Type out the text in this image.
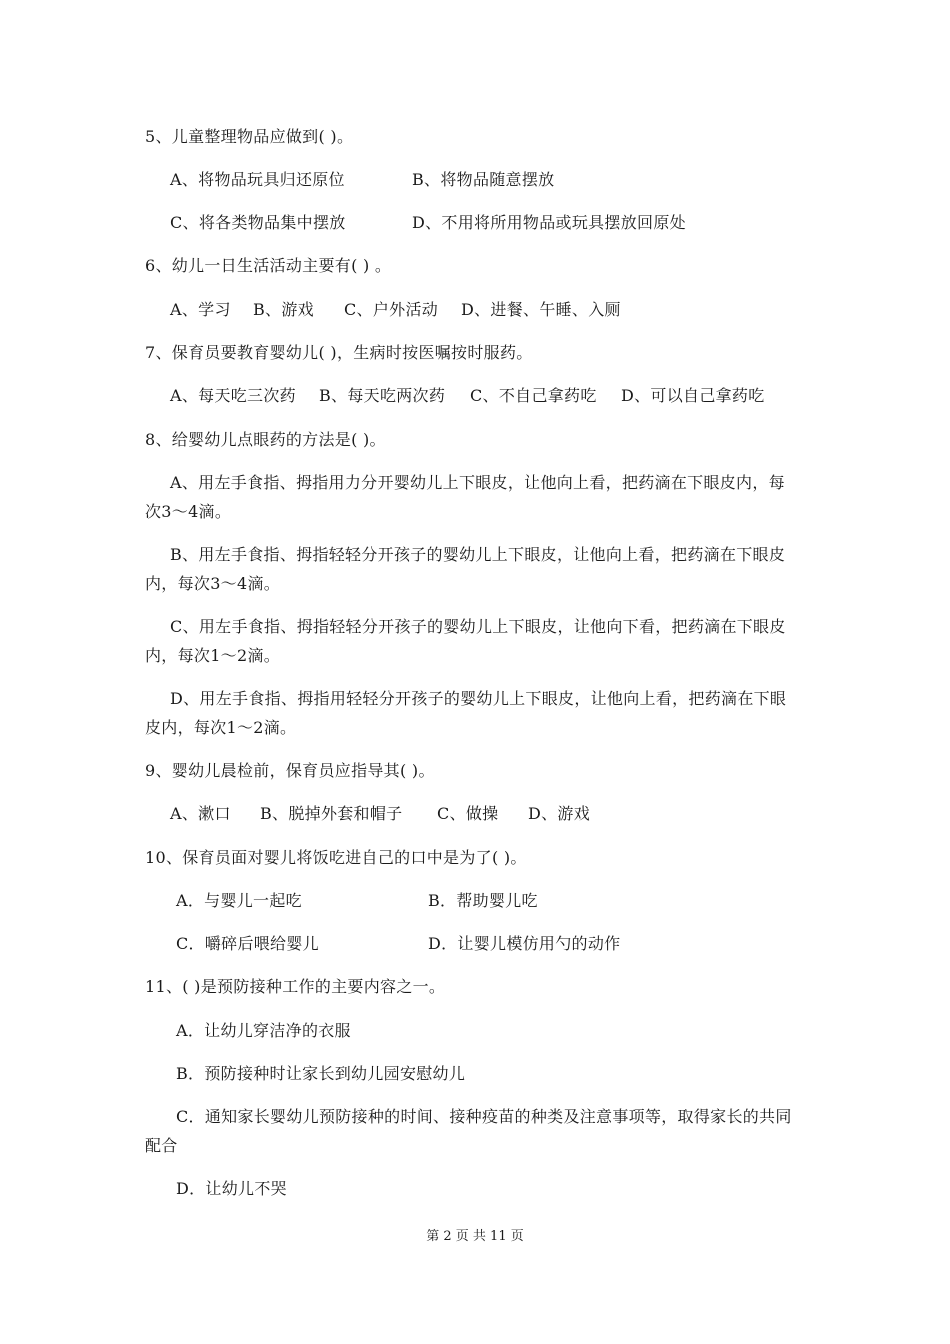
5、儿童整理物品应做到( )。
A、将物品玩具归还原位	B、将物品随意摆放
C、将各类物品集中摆放	D、不用将所用物品或玩具摆放回原处
6、幼儿一日生活活动主要有( ) 。
A、学习 B、游戏 C、户外活动 D、进餐、午睡、入厕
7、保育员要教育婴幼儿( )，生病时按医嘱按时服药。
A、每天吃三次药 B、每天吃两次药 C、不自己拿药吃 D、可以自己拿药吃
8、给婴幼儿点眼药的方法是( )。
A、用左手食指、拇指用力分开婴幼儿上下眼皮，让他向上看，把药滴在下眼皮内，每
次3～4滴。
B、用左手食指、拇指轻轻分开孩子的婴幼儿上下眼皮，让他向上看，把药滴在下眼皮
内，每次3～4滴。
C、用左手食指、拇指轻轻分开孩子的婴幼儿上下眼皮，让他向下看，把药滴在下眼皮
内，每次1～2滴。
D、用左手食指、拇指用轻轻分开孩子的婴幼儿上下眼皮，让他向上看，把药滴在下眼
皮内，每次1～2滴。
9、婴幼儿晨检前，保育员应指导其( )。
A、漱口 B、脱掉外套和帽子 C、做操 D、游戏
10、保育员面对婴儿将饭吃进自己的口中是为了( )。
A．与婴儿一起吃	B．帮助婴儿吃
C．嚼碎后喂给婴儿	D．让婴儿模仿用勺的动作
11、( )是预防接种工作的主要内容之一。
A．让幼儿穿洁净的衣服
B．预防接种时让家长到幼儿园安慰幼儿
C．通知家长婴幼儿预防接种的时间、接种疫苗的种类及注意事项等，取得家长的共同
配合
D．让幼儿不哭
第 2 页 共 11 页
